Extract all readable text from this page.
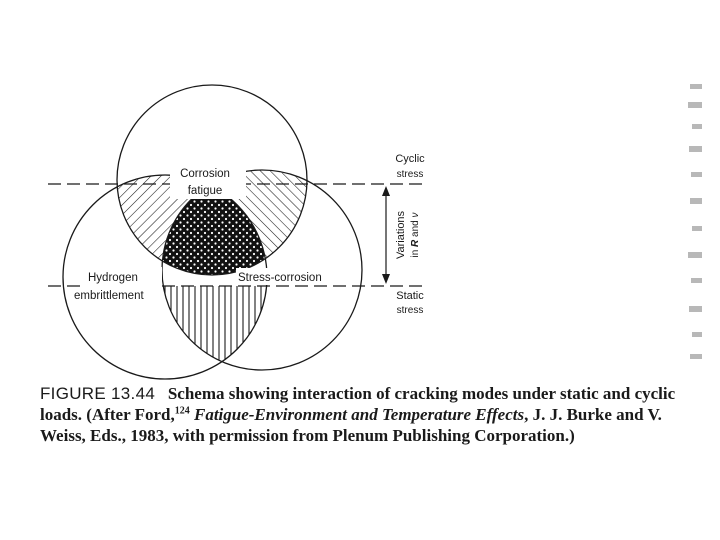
Corrosion
fatigue
Hydrogen
embrittlement
Stress-corrosion
Cyclic
stress
Static
stress
Variations in R and ν
FIGURE 13.44 Schema showing interaction of cracking modes under static and cyclic loads. (After Ford,$^{124}$ Fatigue-Environment and Temperature Effects, J. J. Burke and V. Weiss, Eds., 1983, with permission from Plenum Publishing Corporation.)
